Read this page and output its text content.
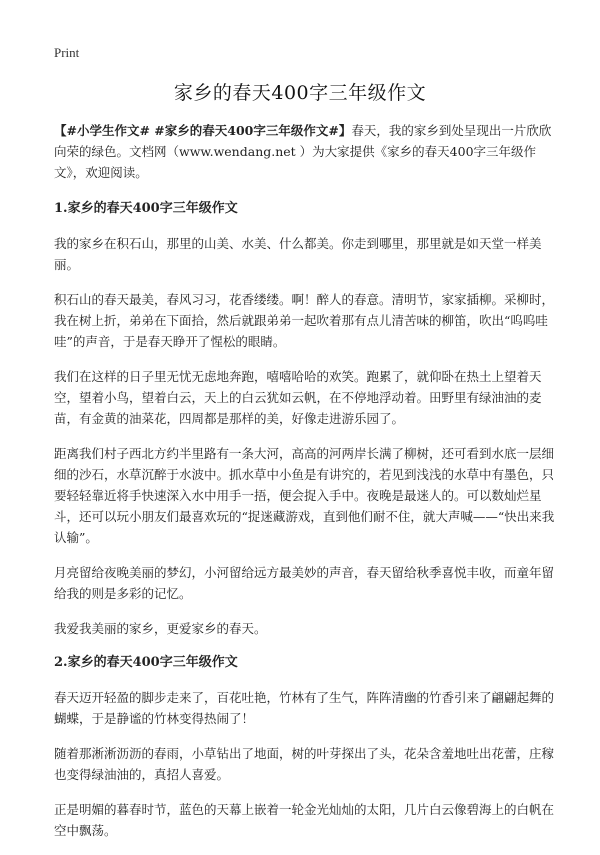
Print
家乡的春天400字三年级作文

【#小学生作文# #家乡的春天400字三年级作文#】春天，我的家乡到处呈现出一片欣欣向荣的绿色。文档网（www.wendang.net ）为大家提供《家乡的春天400字三年级作文》，欢迎阅读。

1.家乡的春天400字三年级作文

我的家乡在积石山，那里的山美、水美、什么都美。你走到哪里，那里就是如天堂一样美丽。

积石山的春天最美，春风习习，花香缕缕。啊！醉人的春意。清明节，家家插柳。采柳时，我在树上折，弟弟在下面拾，然后就跟弟弟一起吹着那有点儿清苦味的柳笛，吹出“呜呜哇哇”的声音，于是春天睁开了惺松的眼睛。

我们在这样的日子里无忧无虑地奔跑，嘻嘻哈哈的欢笑。跑累了，就仰卧在热土上望着天空，望着小鸟，望着白云，天上的白云犹如云帆，在不停地浮动着。田野里有绿油油的麦苗，有金黄的油菜花，四周都是那样的美，好像走进游乐园了。

距离我们村子西北方约半里路有一条大河，高高的河两岸长满了柳树，还可看到水底一层细细的沙石，水草沉醉于水波中。抓水草中小鱼是有讲究的，若见到浅浅的水草中有墨色，只要轻轻靠近将手快速深入水中用手一捂，便会捉入手中。夜晚是最迷人的。可以数灿烂星斗，还可以玩小朋友们最喜欢玩的“捉迷藏游戏，直到他们耐不住，就大声喊——“快出来我认输”。

月亮留给夜晚美丽的梦幻，小河留给远方最美妙的声音，春天留给秋季喜悦丰收，而童年留给我的则是多彩的记忆。

我爱我美丽的家乡，更爱家乡的春天。

2.家乡的春天400字三年级作文

春天迈开轻盈的脚步走来了，百花吐艳，竹林有了生气，阵阵清幽的竹香引来了翩翩起舞的蝴蝶，于是静谧的竹林变得热闹了！

随着那淅淅沥沥的春雨，小草钻出了地面，树的叶芽探出了头，花朵含羞地吐出花蕾，庄稼也变得绿油油的，真招人喜爱。

正是明媚的暮春时节，蓝色的天幕上嵌着一轮金光灿灿的太阳，几片白云像碧海上的白帆在空中飘荡。
